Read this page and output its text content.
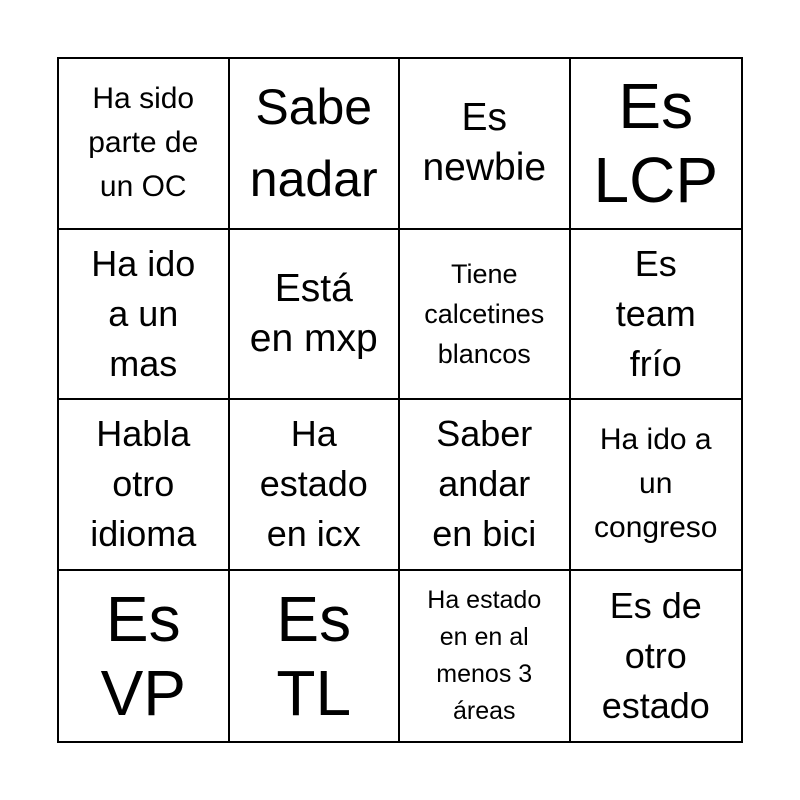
Ha sido
parte de
un OC
Sabe
nadar
Es
newbie
Es
LCP
Ha ido
a un
mas
Está
en mxp
Tiene
calcetines
blancos
Es
team
frío
Habla
otro
idioma
Ha
estado
en icx
Saber
andar
en bici
Ha ido a
un
congreso
Es
VP
Es
TL
Ha estado
en en al
menos 3
áreas
Es de
otro
estado
